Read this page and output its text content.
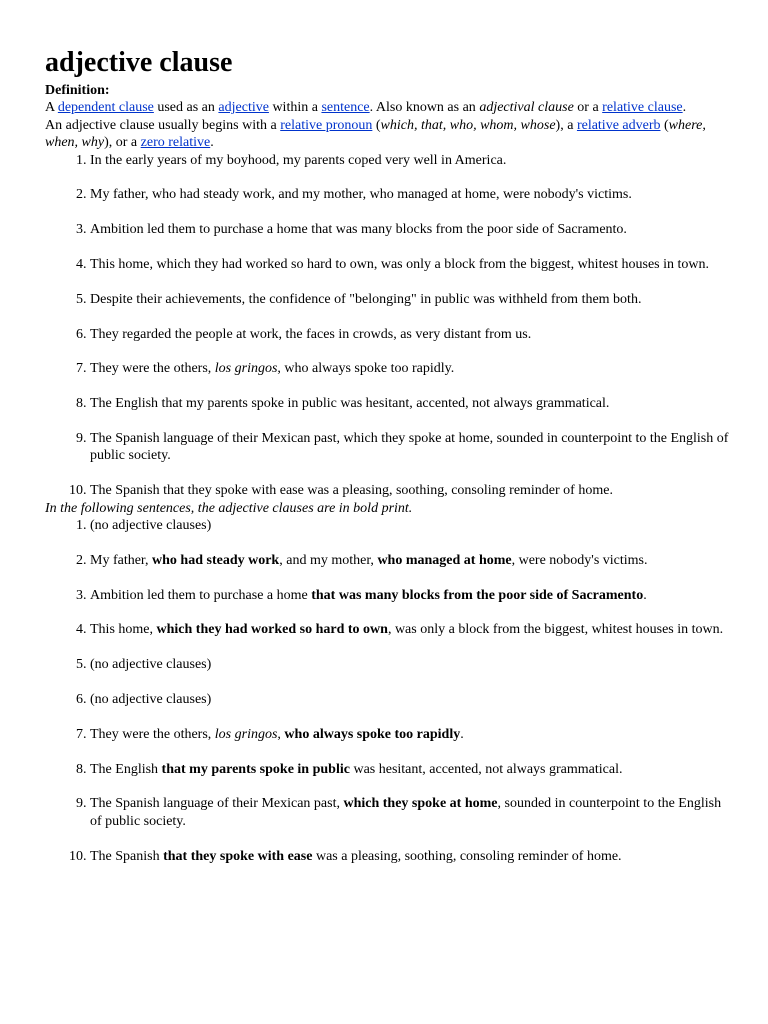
adjective clause
Definition:

A dependent clause used as an adjective within a sentence. Also known as an adjectival clause or a relative clause.

An adjective clause usually begins with a relative pronoun (which, that, who, whom, whose), a relative adverb (where, when, why), or a zero relative.

1. In the early years of my boyhood, my parents coped very well in America.
2. My father, who had steady work, and my mother, who managed at home, were nobody's victims.
3. Ambition led them to purchase a home that was many blocks from the poor side of Sacramento.
4. This home, which they had worked so hard to own, was only a block from the biggest, whitest houses in town.
5. Despite their achievements, the confidence of "belonging" in public was withheld from them both.
6. They regarded the people at work, the faces in crowds, as very distant from us.
7. They were the others, los gringos, who always spoke too rapidly.
8. The English that my parents spoke in public was hesitant, accented, not always grammatical.
9. The Spanish language of their Mexican past, which they spoke at home, sounded in counterpoint to the English of public society.
10. The Spanish that they spoke with ease was a pleasing, soothing, consoling reminder of home.
In the following sentences, the adjective clauses are in bold print.
1. (no adjective clauses)
2. My father, who had steady work, and my mother, who managed at home, were nobody's victims.
3. Ambition led them to purchase a home that was many blocks from the poor side of Sacramento.
4. This home, which they had worked so hard to own, was only a block from the biggest, whitest houses in town.
5. (no adjective clauses)
6. (no adjective clauses)
7. They were the others, los gringos, who always spoke too rapidly.
8. The English that my parents spoke in public was hesitant, accented, not always grammatical.
9. The Spanish language of their Mexican past, which they spoke at home, sounded in counterpoint to the English of public society.
10. The Spanish that they spoke with ease was a pleasing, soothing, consoling reminder of home.
